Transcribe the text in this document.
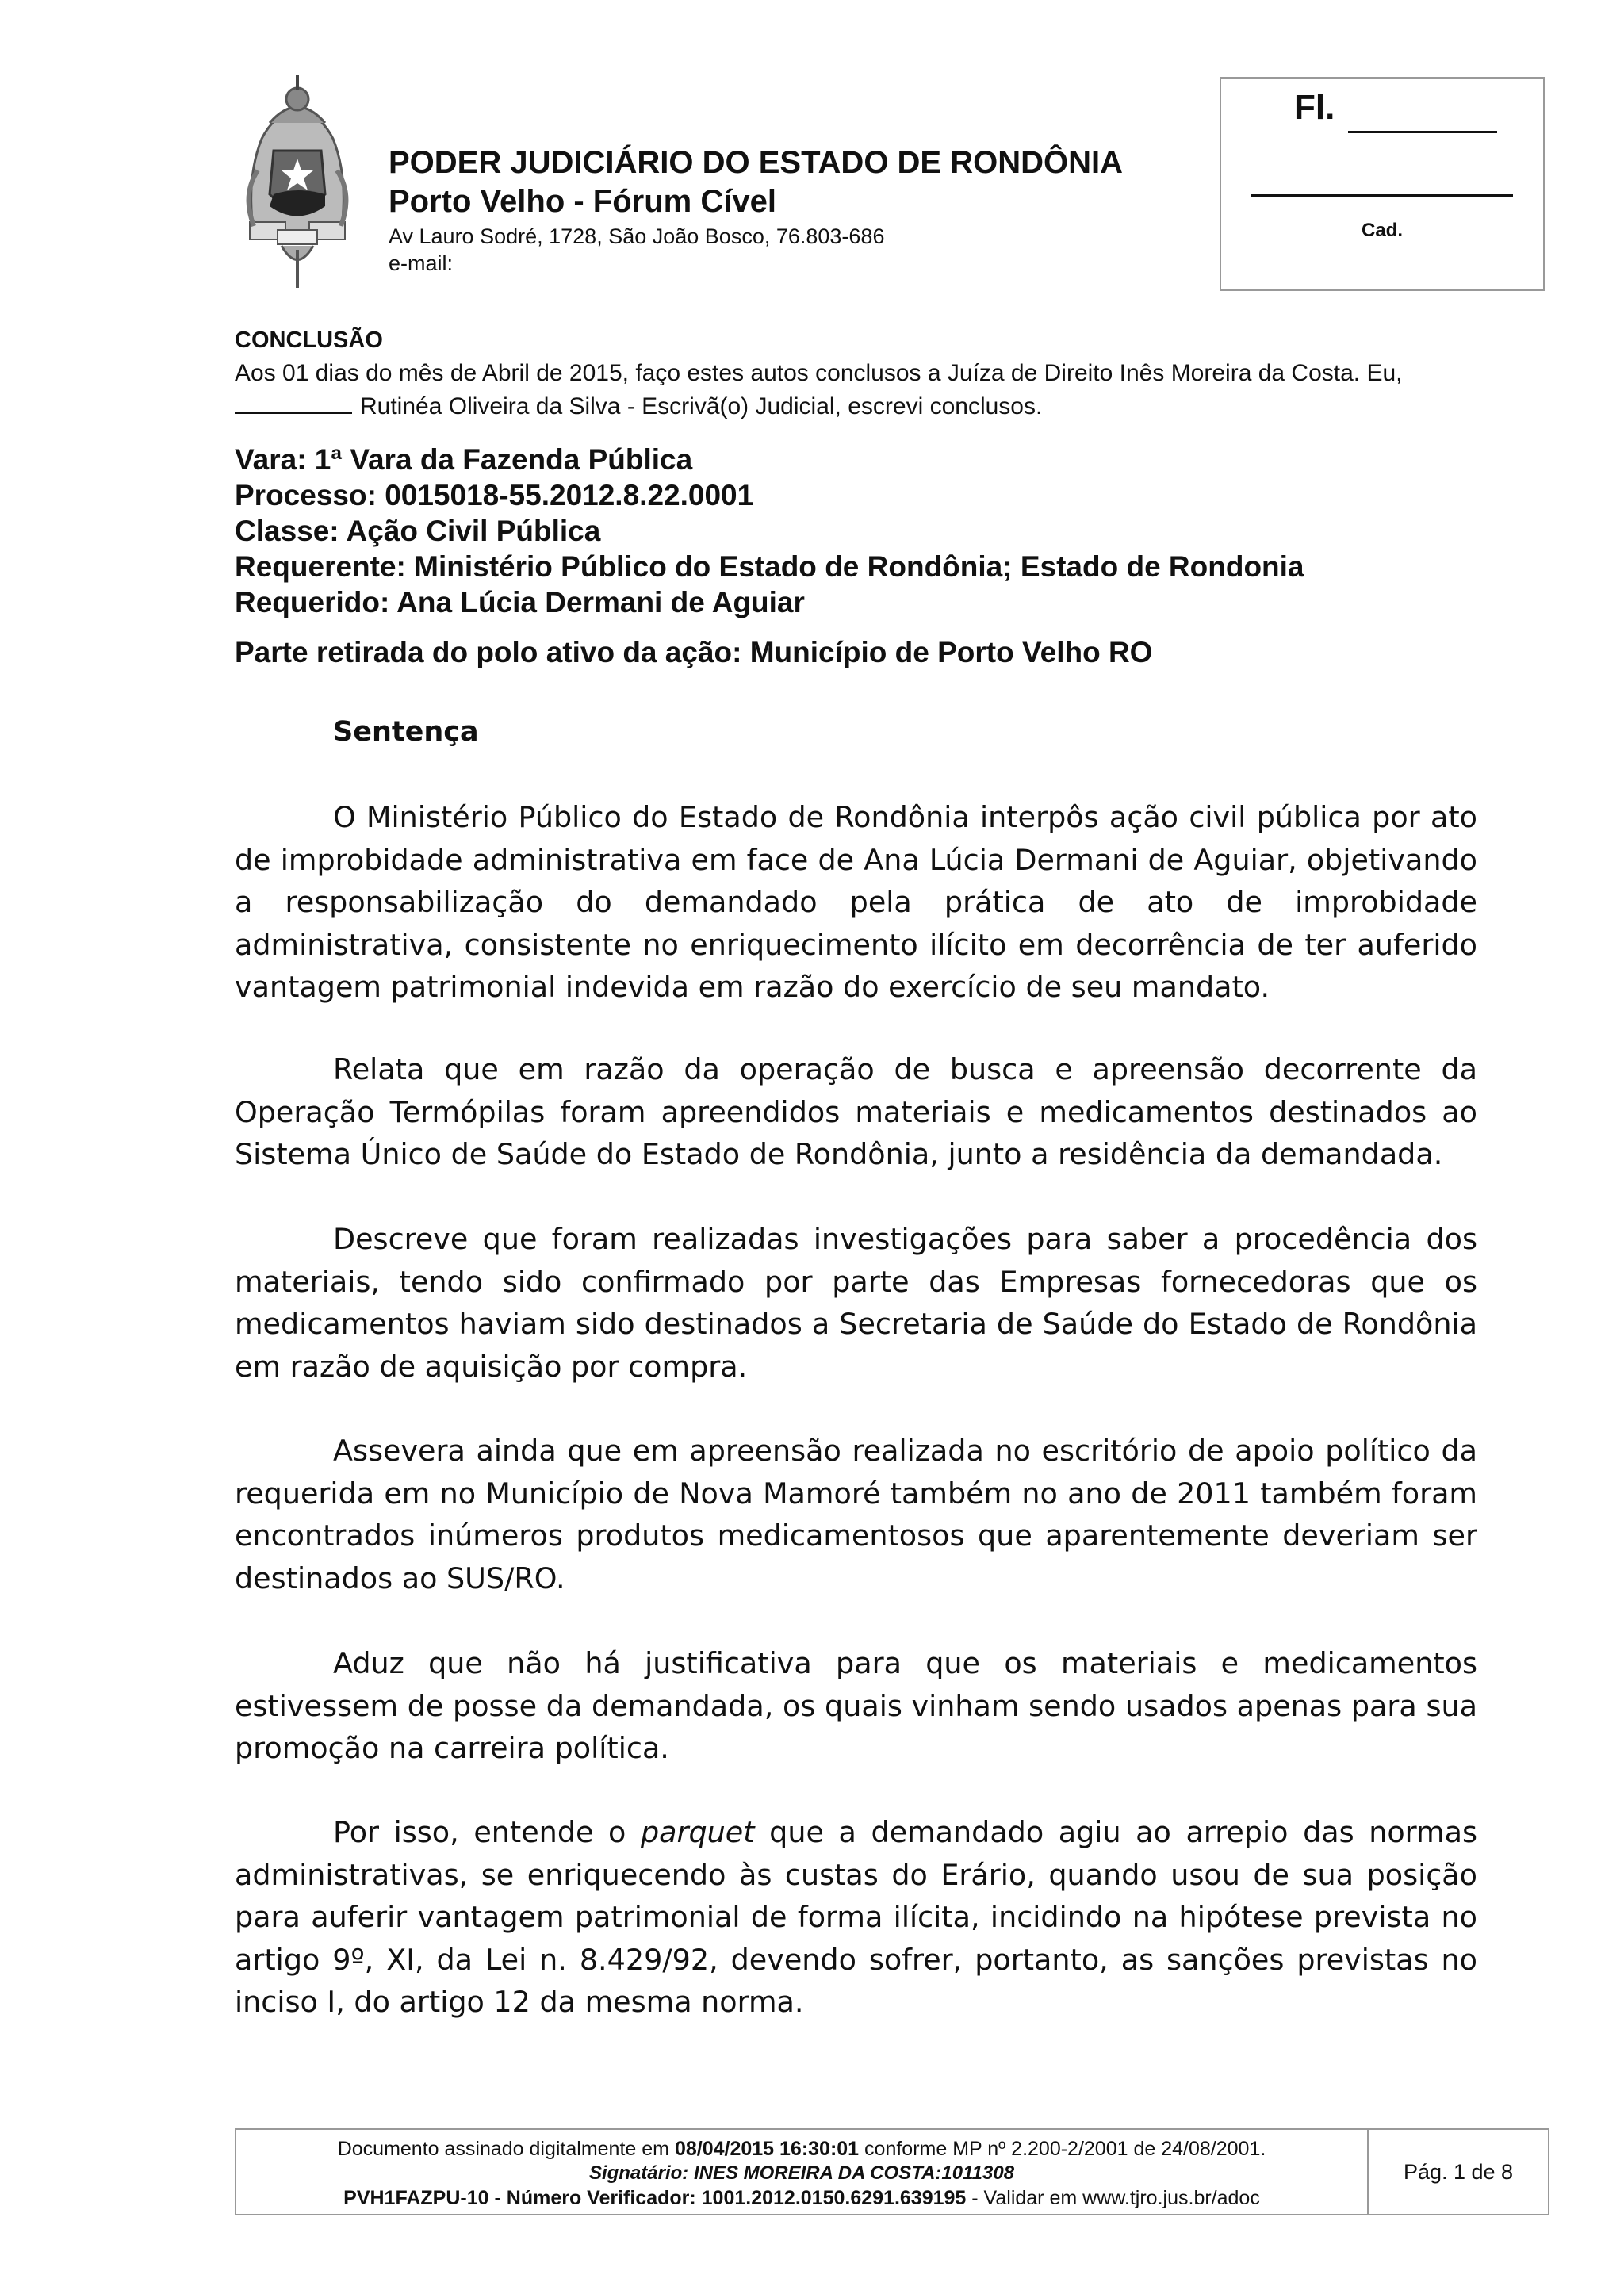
PODER JUDICIÁRIO DO ESTADO DE RONDÔNIA
Porto Velho - Fórum Cível
Av Lauro Sodré, 1728, São João Bosco, 76.803-686
e-mail:
Fl.
Cad.
CONCLUSÃO
Aos 01 dias do mês de Abril de 2015, faço estes autos conclusos a Juíza de Direito Inês Moreira da Costa. Eu,
Rutinéa Oliveira da Silva - Escrivã(o) Judicial, escrevi conclusos.
Vara: 1ª Vara da Fazenda Pública
Processo: 0015018-55.2012.8.22.0001
Classe: Ação Civil Pública
Requerente: Ministério Público do Estado de Rondônia; Estado de Rondonia
Requerido: Ana Lúcia Dermani de Aguiar
Parte retirada do polo ativo da ação: Município de Porto Velho RO
Sentença

O Ministério Público do Estado de Rondônia interpôs ação civil pública por ato de improbidade administrativa em face de Ana Lúcia Dermani de Aguiar, objetivando a responsabilização do demandado pela prática de ato de improbidade administrativa, consistente no enriquecimento ilícito em decorrência de ter auferido vantagem patrimonial indevida em razão do exercício de seu mandato.

Relata que em razão da operação de busca e apreensão decorrente da Operação Termópilas foram apreendidos materiais e medicamentos destinados ao Sistema Único de Saúde do Estado de Rondônia, junto a residência da demandada.

Descreve que foram realizadas investigações para saber a procedência dos materiais, tendo sido confirmado por parte das Empresas fornecedoras que os medicamentos haviam sido destinados a Secretaria de Saúde do Estado de Rondônia em razão de aquisição por compra.

Assevera ainda que em apreensão realizada no escritório de apoio político da requerida em no Município de Nova Mamoré também no ano de 2011 também foram encontrados inúmeros produtos medicamentosos que aparentemente deveriam ser destinados ao SUS/RO.

Aduz que não há justificativa para que os materiais e medicamentos estivessem de posse da demandada, os quais vinham sendo usados apenas para sua promoção na carreira política.

Por isso, entende o parquet que a demandado agiu ao arrepio das normas administrativas, se enriquecendo às custas do Erário, quando usou de sua posição para auferir vantagem patrimonial de forma ilícita, incidindo na hipótese prevista no artigo 9º, XI, da Lei n. 8.429/92, devendo sofrer, portanto, as sanções previstas no inciso I, do artigo 12 da mesma norma.

Documento assinado digitalmente em 08/04/2015 16:30:01 conforme MP nº 2.200-2/2001 de 24/08/2001.
Signatário: INES MOREIRA DA COSTA:1011308
PVH1FAZPU-10 - Número Verificador: 1001.2012.0150.6291.639195 - Validar em www.tjro.jus.br/adoc
Pág. 1 de 8
